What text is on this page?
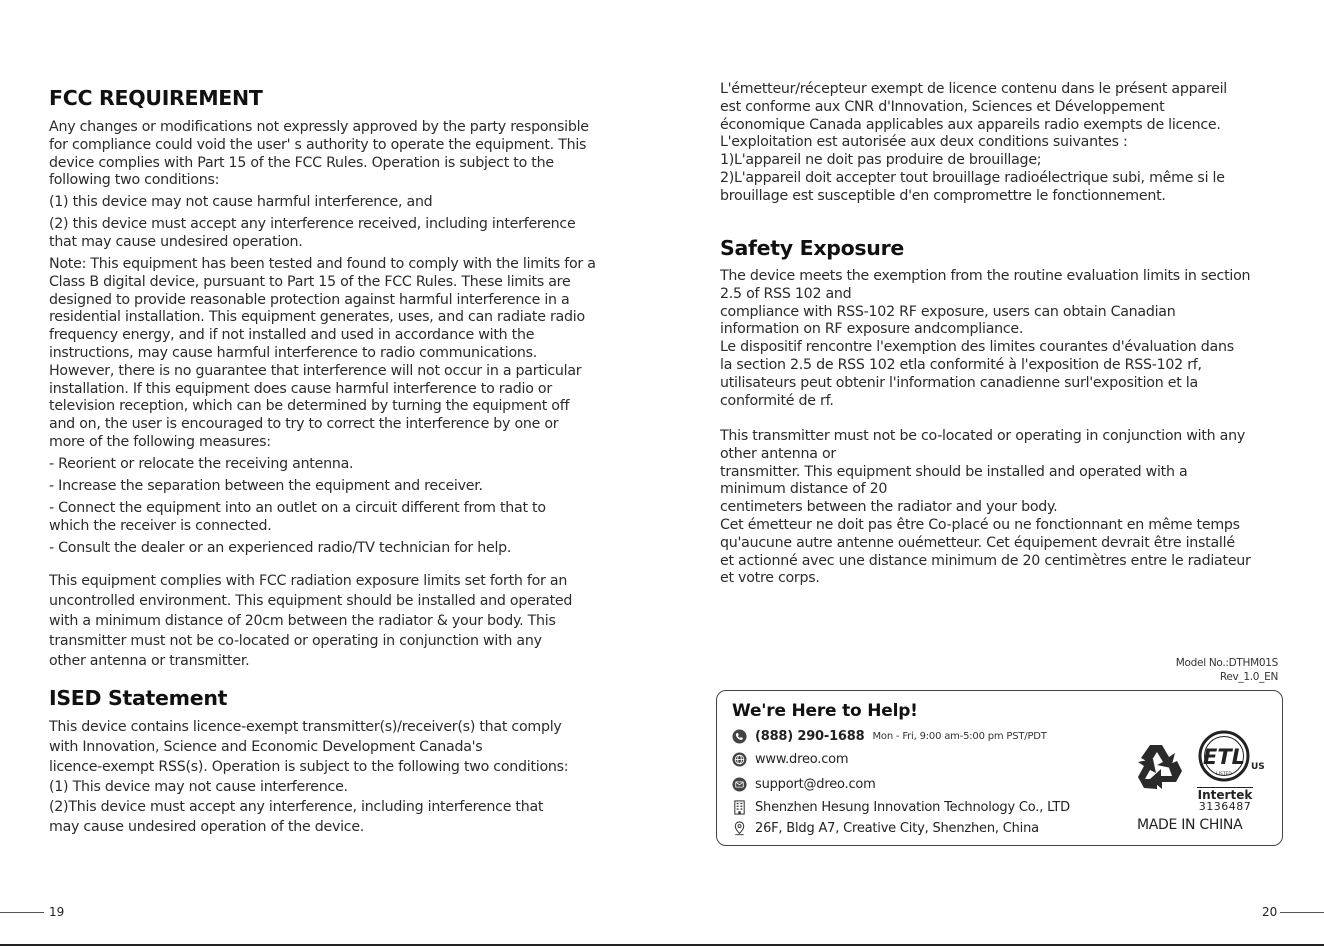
FCC REQUIREMENT

Any changes or modifications not expressly approved by the party responsible
for compliance could void the user' s authority to operate the equipment. This
device complies with Part 15 of the FCC Rules. Operation is subject to the
following two conditions:

(1) this device may not cause harmful interference, and

(2) this device must accept any interference received, including interference
that may cause undesired operation.

Note: This equipment has been tested and found to comply with the limits for a
Class B digital device, pursuant to Part 15 of the FCC Rules. These limits are
designed to provide reasonable protection against harmful interference in a
residential installation. This equipment generates, uses, and can radiate radio
frequency energy, and if not installed and used in accordance with the
instructions, may cause harmful interference to radio communications.
However, there is no guarantee that interference will not occur in a particular
installation. If this equipment does cause harmful interference to radio or
television reception, which can be determined by turning the equipment off
and on, the user is encouraged to try to correct the interference by one or
more of the following measures:

- Reorient or relocate the receiving antenna.

- Increase the separation between the equipment and receiver.

- Connect the equipment into an outlet on a circuit different from that to
which the receiver is connected.

- Consult the dealer or an experienced radio/TV technician for help.

This equipment complies with FCC radiation exposure limits set forth for an
uncontrolled environment. This equipment should be installed and operated
with a minimum distance of 20cm between the radiator & your body. This
transmitter must not be co-located or operating in conjunction with any
other antenna or transmitter.

ISED Statement

This device contains licence-exempt transmitter(s)/receiver(s) that comply
with Innovation, Science and Economic Development Canada's
licence-exempt RSS(s). Operation is subject to the following two conditions:
(1) This device may not cause interference.
(2)This device must accept any interference, including interference that
may cause undesired operation of the device.

L'émetteur/récepteur exempt de licence contenu dans le présent appareil
est conforme aux CNR d'Innovation, Sciences et Développement
économique Canada applicables aux appareils radio exempts de licence.
L'exploitation est autorisée aux deux conditions suivantes :
1)L'appareil ne doit pas produire de brouillage;
2)L'appareil doit accepter tout brouillage radioélectrique subi, même si le
brouillage est susceptible d'en compromettre le fonctionnement.

Safety Exposure

The device meets the exemption from the routine evaluation limits in section
2.5 of RSS 102 and
compliance with RSS-102 RF exposure, users can obtain Canadian
information on RF exposure andcompliance.
Le dispositif rencontre l'exemption des limites courantes d'évaluation dans
la section 2.5 de RSS 102 etla conformité à l'exposition de RSS-102 rf,
utilisateurs peut obtenir l'information canadienne surl'exposition et la
conformité de rf.

This transmitter must not be co-located or operating in conjunction with any
other antenna or
transmitter. This equipment should be installed and operated with a
minimum distance of 20
centimeters between the radiator and your body.
Cet émetteur ne doit pas être Co-placé ou ne fonctionnant en même temps
qu'aucune autre antenne ouémetteur. Cet équipement devrait être installé
et actionné avec une distance minimum de 20 centimètres entre le radiateur
et votre corps.

Model No.:DTHM01S
Rev_1.0_EN
We're Here to Help!
(888) 290-1688 Mon - Fri, 9:00 am-5:00 pm PST/PDT
www.dreo.com
support@dreo.com
Shenzhen Hesung Innovation Technology Co., LTD
26F, Bldg A7, Creative City, Shenzhen, China
ETL
LISTED
US
Intertek
3136487
MADE IN CHINA
19	20
